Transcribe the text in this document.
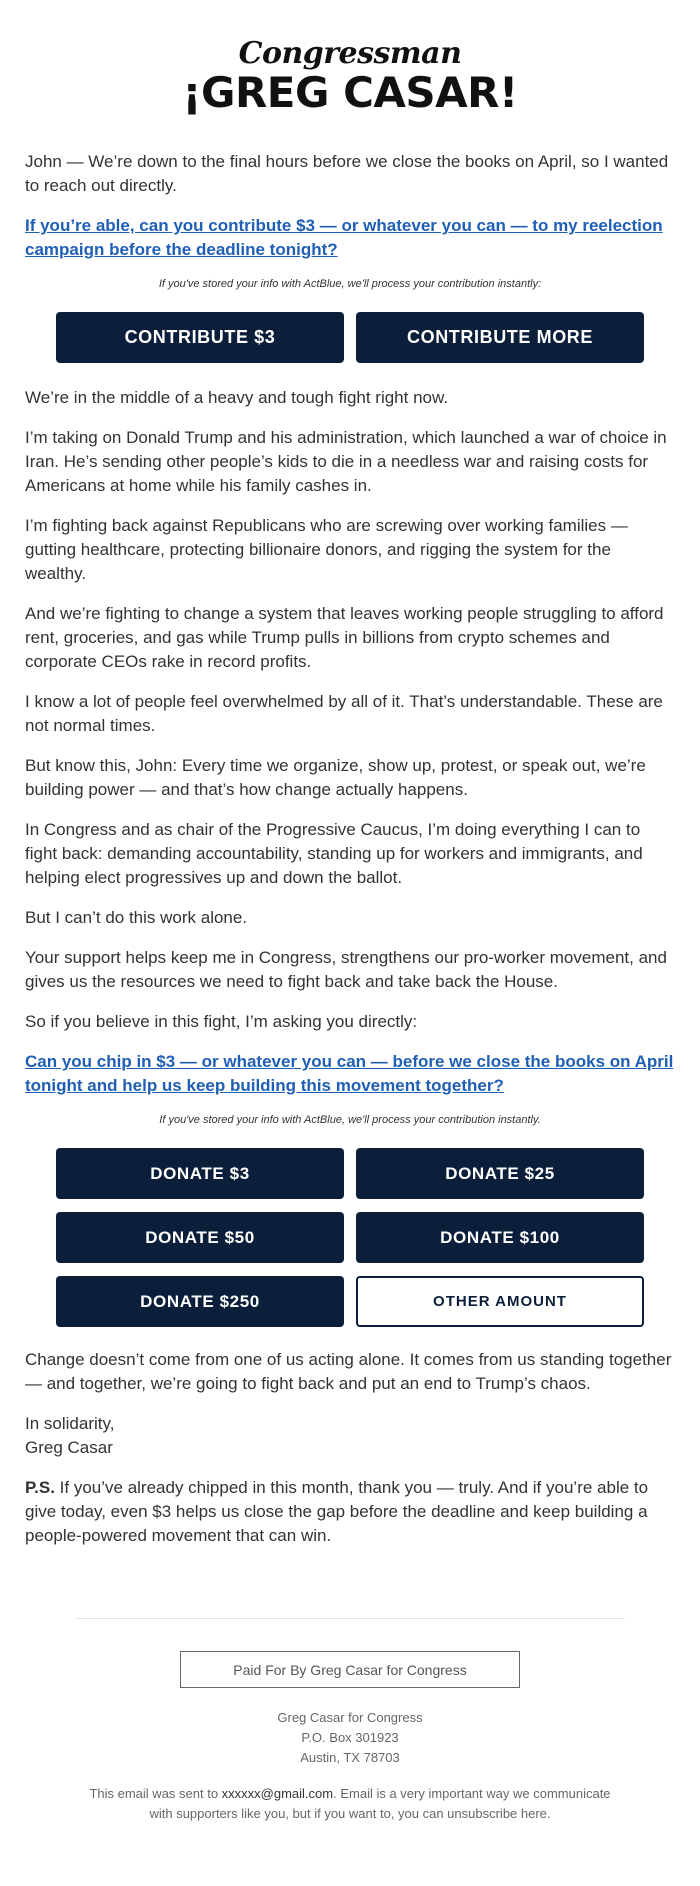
Congressman
¡GREG CASAR!

John — We’re down to the final hours before we close the books on April, so I wanted to reach out directly.

If you’re able, can you contribute $3 — or whatever you can — to my reelection campaign before the deadline tonight?
If you've stored your info with ActBlue, we'll process your contribution instantly:
CONTRIBUTE $3	CONTRIBUTE MORE

We’re in the middle of a heavy and tough fight right now.

I’m taking on Donald Trump and his administration, which launched a war of choice in Iran. He’s sending other people’s kids to die in a needless war and raising costs for Americans at home while his family cashes in.

I’m fighting back against Republicans who are screwing over working families — gutting healthcare, protecting billionaire donors, and rigging the system for the wealthy.

And we’re fighting to change a system that leaves working people struggling to afford rent, groceries, and gas while Trump pulls in billions from crypto schemes and corporate CEOs rake in record profits.

I know a lot of people feel overwhelmed by all of it. That’s understandable. These are not normal times.

But know this, John: Every time we organize, show up, protest, or speak out, we’re building power — and that’s how change actually happens.

In Congress and as chair of the Progressive Caucus, I’m doing everything I can to fight back: demanding accountability, standing up for workers and immigrants, and helping elect progressives up and down the ballot.

But I can’t do this work alone.

Your support helps keep me in Congress, strengthens our pro-worker movement, and gives us the resources we need to fight back and take back the House.

So if you believe in this fight, I’m asking you directly:

Can you chip in $3 — or whatever you can — before we close the books on April tonight and help us keep building this movement together?
If you've stored your info with ActBlue, we'll process your contribution instantly.
DONATE $3	DONATE $25
DONATE $50	DONATE $100
DONATE $250	OTHER AMOUNT

Change doesn’t come from one of us acting alone. It comes from us standing together — and together, we’re going to fight back and put an end to Trump’s chaos.

In solidarity,
Greg Casar

P.S. If you’ve already chipped in this month, thank you — truly. And if you’re able to give today, even $3 helps us close the gap before the deadline and keep building a people-powered movement that can win.

Paid For By Greg Casar for Congress
Greg Casar for Congress
P.O. Box 301923
Austin, TX 78703
This email was sent to xxxxxx@gmail.com. Email is a very important way we communicate with supporters like you, but if you want to, you can unsubscribe here.
